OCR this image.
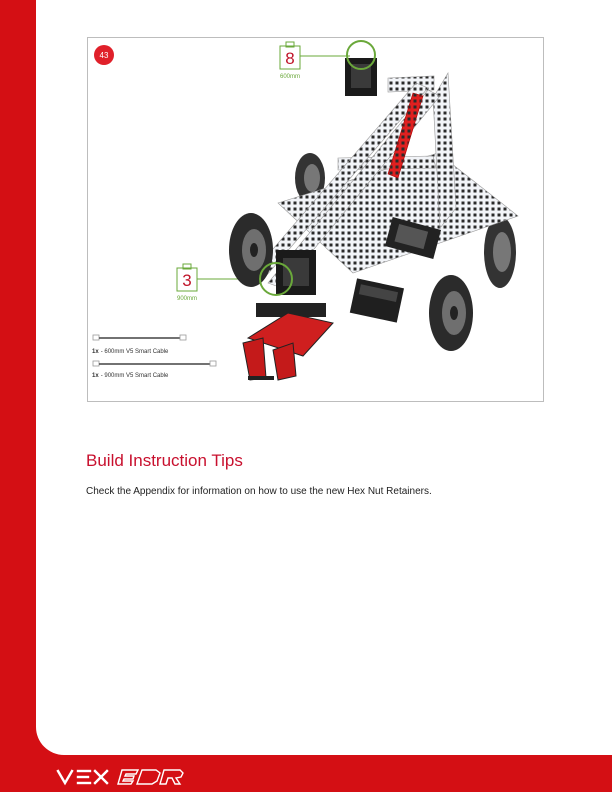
43	8
600mm
3
900mm
1x - 600mm V5 Smart Cable
1x - 900mm V5 Smart Cable
Build Instruction Tips

Check the Appendix for information on how to use the new Hex Nut Retainers.
